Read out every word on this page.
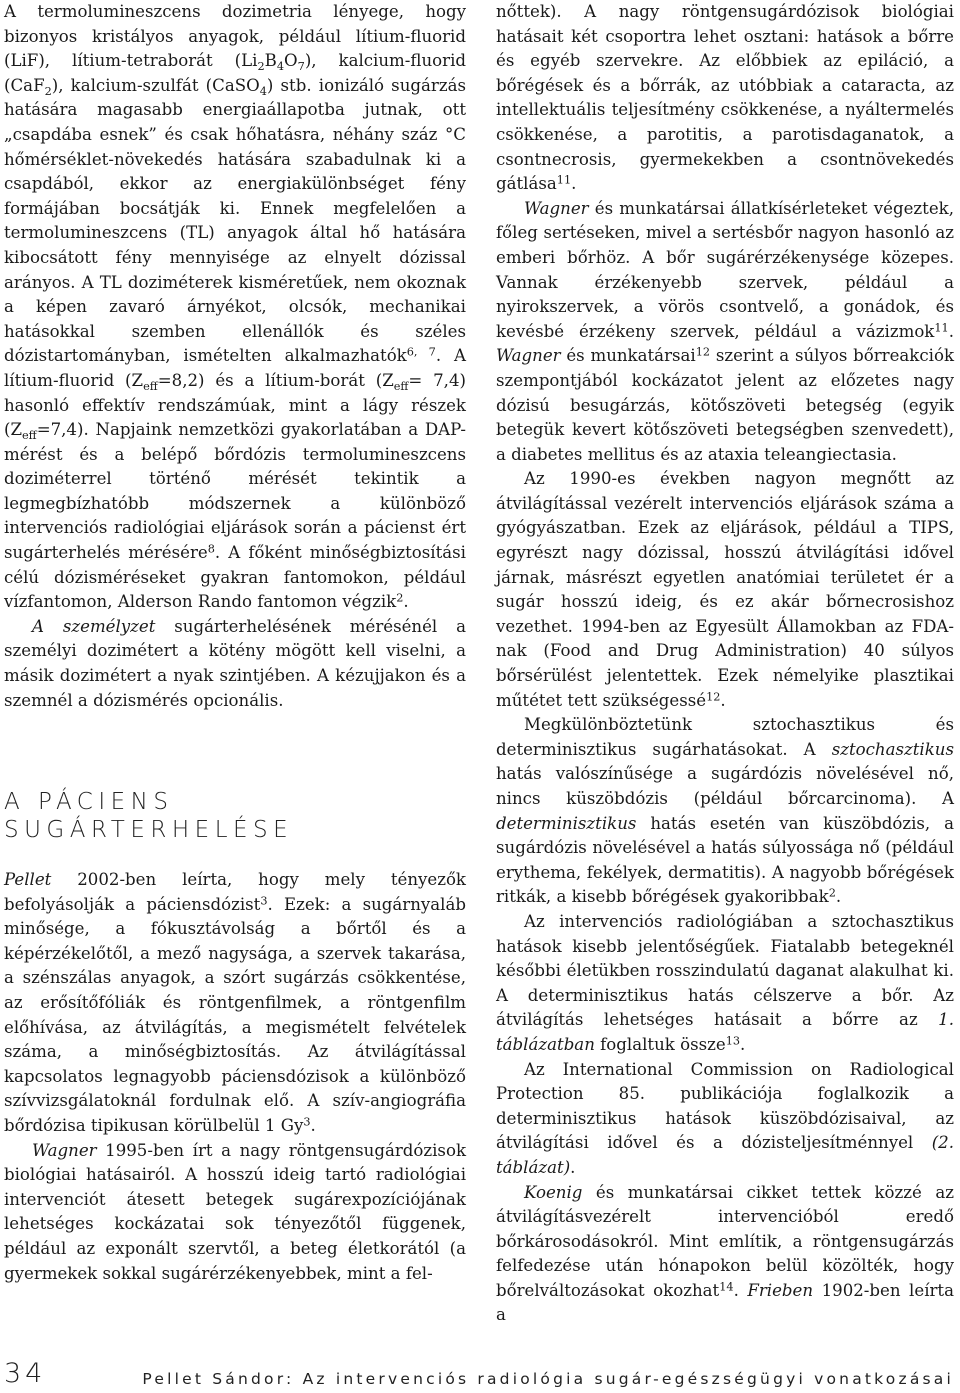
A termolumineszcens dozimetria lényege, hogy bizonyos kristályos anyagok, például lítium-fluorid (LiF), lítium-tetraborát $(Li_2B_4O_7)$, kalcium-fluorid (CaF$_2$), kalcium-szulfát (CaSO$_4$) stb. ionizáló sugárzás hatására magasabb energiaállapotba jutnak, ott „csapdába esnek” és csak hőhatásra, néhány száz °C hőmérséklet-növekedés hatására szabadulnak ki a csapdából, ekkor az energiakülönbséget fény formájában bocsátják ki. Ennek megfelelően a termolumineszcens (TL) anyagok által hő hatására kibocsátott fény mennyisége az elnyelt dózissal arányos. A TL doziméterek kisméretűek, nem okoznak a képen zavaró árnyékot, olcsók, mechanikai hatásokkal szemben ellenállók és széles dózistartományban, ismételten alkalmazhatók$^{6, 7}$. A lítium-fluorid $(Z_{eff}=8,2)$ és a lítium-borát $(Z_{eff}= 7,4)$ hasonló effektív rendszámúak, mint a lágy részek $(Z_{eff}=7,4)$. Napjaink nemzetközi gyakorlatában a DAP-mérést és a belépő bőrdózis termolumineszcens doziméterrel történő mérését tekintik a legmegbízhatóbb módszernek a különböző intervenciós radiológiai eljárások során a pácienst ért sugárterhelés mérésére$^8$. A főként minőségbiztosítási célú dózisméréseket gyakran fantomokon, például vízfantomon, Alderson Rando fantomon végzik$^2$.

A személyzet sugárterhelésének mérésénél a személyi dozimétert a kötény mögött kell viselni, a másik dozimétert a nyak szintjében. A kézujjakon és a szemnél a dózismérés opcionális.

A PÁCIENS
SUGÁRTERHELÉSE

Pellet 2002-ben leírta, hogy mely tényezők befolyásolják a páciensdózist$^3$. Ezek: a sugárnyaláb minősége, a fókusztávolság a bőrtől és a képérzékelőtől, a mező nagysága, a szervek takarása, a szénszálas anyagok, a szórt sugárzás csökkentése, az erősítőfóliák és röntgenfilmek, a röntgenfilm előhívása, az átvilágítás, a megismételt felvételek száma, a minőségbiztosítás. Az átvilágítással kapcsolatos legnagyobb páciensdózisok a különböző szívvizsgálatoknál fordulnak elő. A szív-angiográfia bőrdózisa tipikusan körülbelül 1 Gy$^3$.

Wagner 1995-ben írt a nagy röntgensugárdózisok biológiai hatásairól. A hosszú ideig tartó radiológiai intervenciót átesett betegek sugárexpozíciójának lehetséges kockázatai sok tényezőtől függenek, például az exponált szervtől, a beteg életkorától (a gyermekek sokkal sugárérzékenyebbek, mint a fel-

nőttek). A nagy röntgensugárdózisok biológiai hatásait két csoportra lehet osztani: hatások a bőrre és egyéb szervekre. Az előbbiek az epiláció, a bőrégések és a bőrrák, az utóbbiak a cataracta, az intellektuális teljesítmény csökkenése, a nyáltermelés csökkenése, a parotitis, a parotisdaganatok, a csontnecrosis, gyermekekben a csontnövekedés gátlása$^{11}$.

Wagner és munkatársai állatkísérleteket végeztek, főleg sertéseken, mivel a sertésbőr nagyon hasonló az emberi bőrhöz. A bőr sugárérzékenysége közepes. Vannak érzékenyebb szervek, például a nyirokszervek, a vörös csontvelő, a gonádok, és kevésbé érzékeny szervek, például a vázizmok$^{11}$. Wagner és munkatársai$^{12}$ szerint a súlyos bőrreakciók szempontjából kockázatot jelent az előzetes nagy dózisú besugárzás, kötőszöveti betegség (egyik betegük kevert kötőszöveti betegségben szenvedett), a diabetes mellitus és az ataxia teleangiectasia.

Az 1990-es években nagyon megnőtt az átvilágítással vezérelt intervenciós eljárások száma a gyógyászatban. Ezek az eljárások, például a TIPS, egyrészt nagy dózissal, hosszú átvilágítási idővel járnak, másrészt egyetlen anatómiai területet ér a sugár hosszú ideig, és ez akár bőrnecrosishoz vezethet. 1994-ben az Egyesült Államokban az FDA-nak (Food and Drug Administration) 40 súlyos bőrsérülést jelentettek. Ezek némelyike plasztikai műtétet tett szükségessé$^{12}$.

Megkülönböztetünk sztochasztikus és determinisztikus sugárhatásokat. A sztochasztikus hatás valószínűsége a sugárdózis növelésével nő, nincs küszöbdózis (például bőrcarcinoma). A determinisztikus hatás esetén van küszöbdózis, a sugárdózis növelésével a hatás súlyossága nő (például erythema, fekélyek, dermatitis). A nagyobb bőrégések ritkák, a kisebb bőrégések gyakoribbak$^2$.

Az intervenciós radiológiában a sztochasztikus hatások kisebb jelentőségűek. Fiatalabb betegeknél későbbi életükben rosszindulatú daganat alakulhat ki. A determinisztikus hatás célszerve a bőr. Az átvilágítás lehetséges hatásait a bőrre az 1. táblázatban foglaltuk össze$^{13}$.

Az International Commission on Radiological Protection 85. publikációja foglalkozik a determinisztikus hatások küszöbdózisaival, az átvilágítási idővel és a dózisteljesítménnyel (2. táblázat).

Koenig és munkatársai cikket tettek közzé az átvilágításvezérelt intervencióból eredő bőrkárosodásokról. Mint említik, a röntgensugárzás felfedezése után hónapokon belül közölték, hogy bőrelváltozásokat okozhat$^{14}$. Frieben 1902-ben leírta a

34	Pellet Sándor: Az intervenciós radiológia sugár-egészségügyi vonatkozásai
